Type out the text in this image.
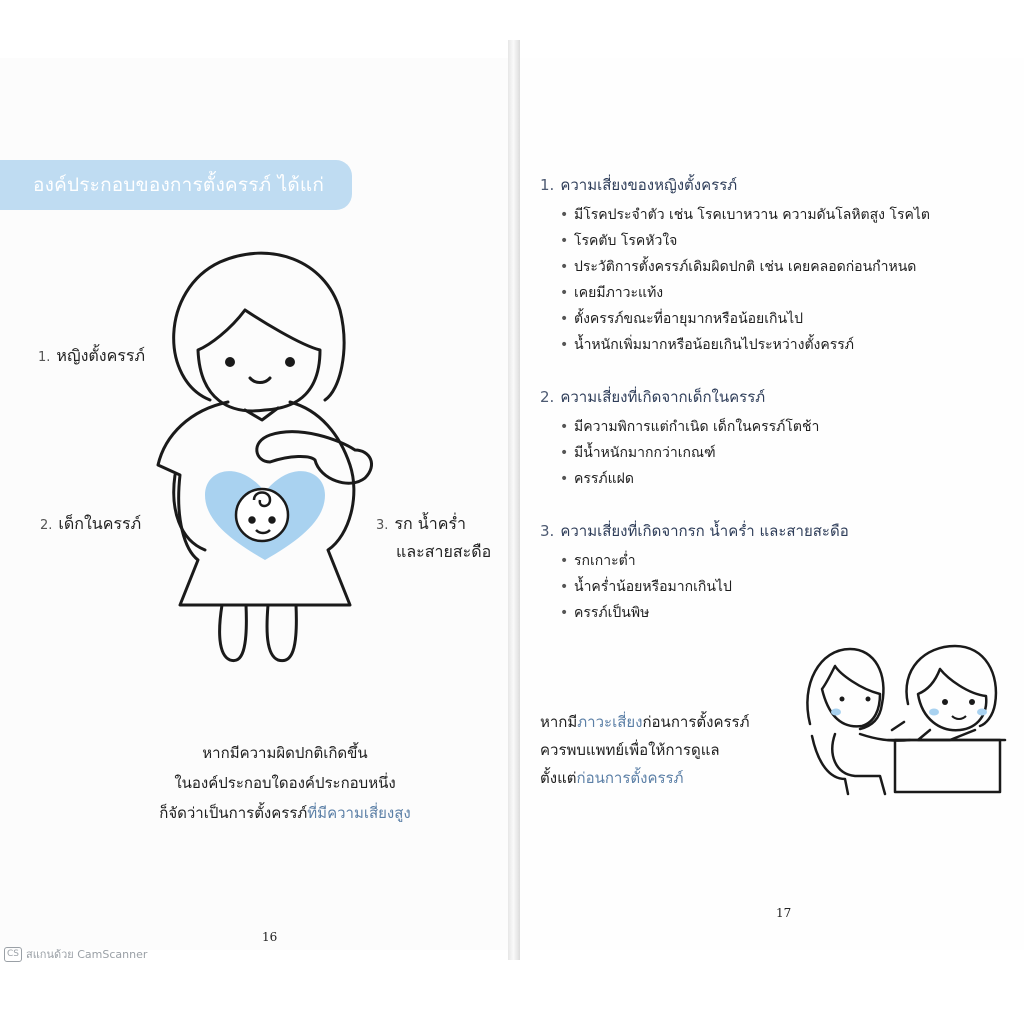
องค์ประกอบของการตั้งครรภ์ ได้แก่
1. หญิงตั้งครรภ์
2. เด็กในครรภ์	3. รก น้ำคร่ำ
และสายสะดือ
หากมีความผิดปกติเกิดขึ้น
ในองค์ประกอบใดองค์ประกอบหนึ่ง
ก็จัดว่าเป็นการตั้งครรภ์ที่มีความเสี่ยงสูง
16
1. ความเสี่ยงของหญิงตั้งครรภ์
• มีโรคประจำตัว เช่น โรคเบาหวาน ความดันโลหิตสูง โรคไต
• โรคตับ โรคหัวใจ
• ประวัติการตั้งครรภ์เดิมผิดปกติ เช่น เคยคลอดก่อนกำหนด
• เคยมีภาวะแท้ง
• ตั้งครรภ์ขณะที่อายุมากหรือน้อยเกินไป
• น้ำหนักเพิ่มมากหรือน้อยเกินไประหว่างตั้งครรภ์
2. ความเสี่ยงที่เกิดจากเด็กในครรภ์
• มีความพิการแต่กำเนิด เด็กในครรภ์โตช้า
• มีน้ำหนักมากกว่าเกณฑ์
• ครรภ์แฝด
3. ความเสี่ยงที่เกิดจากรก น้ำคร่ำ และสายสะดือ
• รกเกาะต่ำ
• น้ำคร่ำน้อยหรือมากเกินไป
• ครรภ์เป็นพิษ
หากมีภาวะเสี่ยงก่อนการตั้งครรภ์
ควรพบแพทย์เพื่อให้การดูแล
ตั้งแต่ก่อนการตั้งครรภ์
17
CS สแกนด้วย CamScanner
